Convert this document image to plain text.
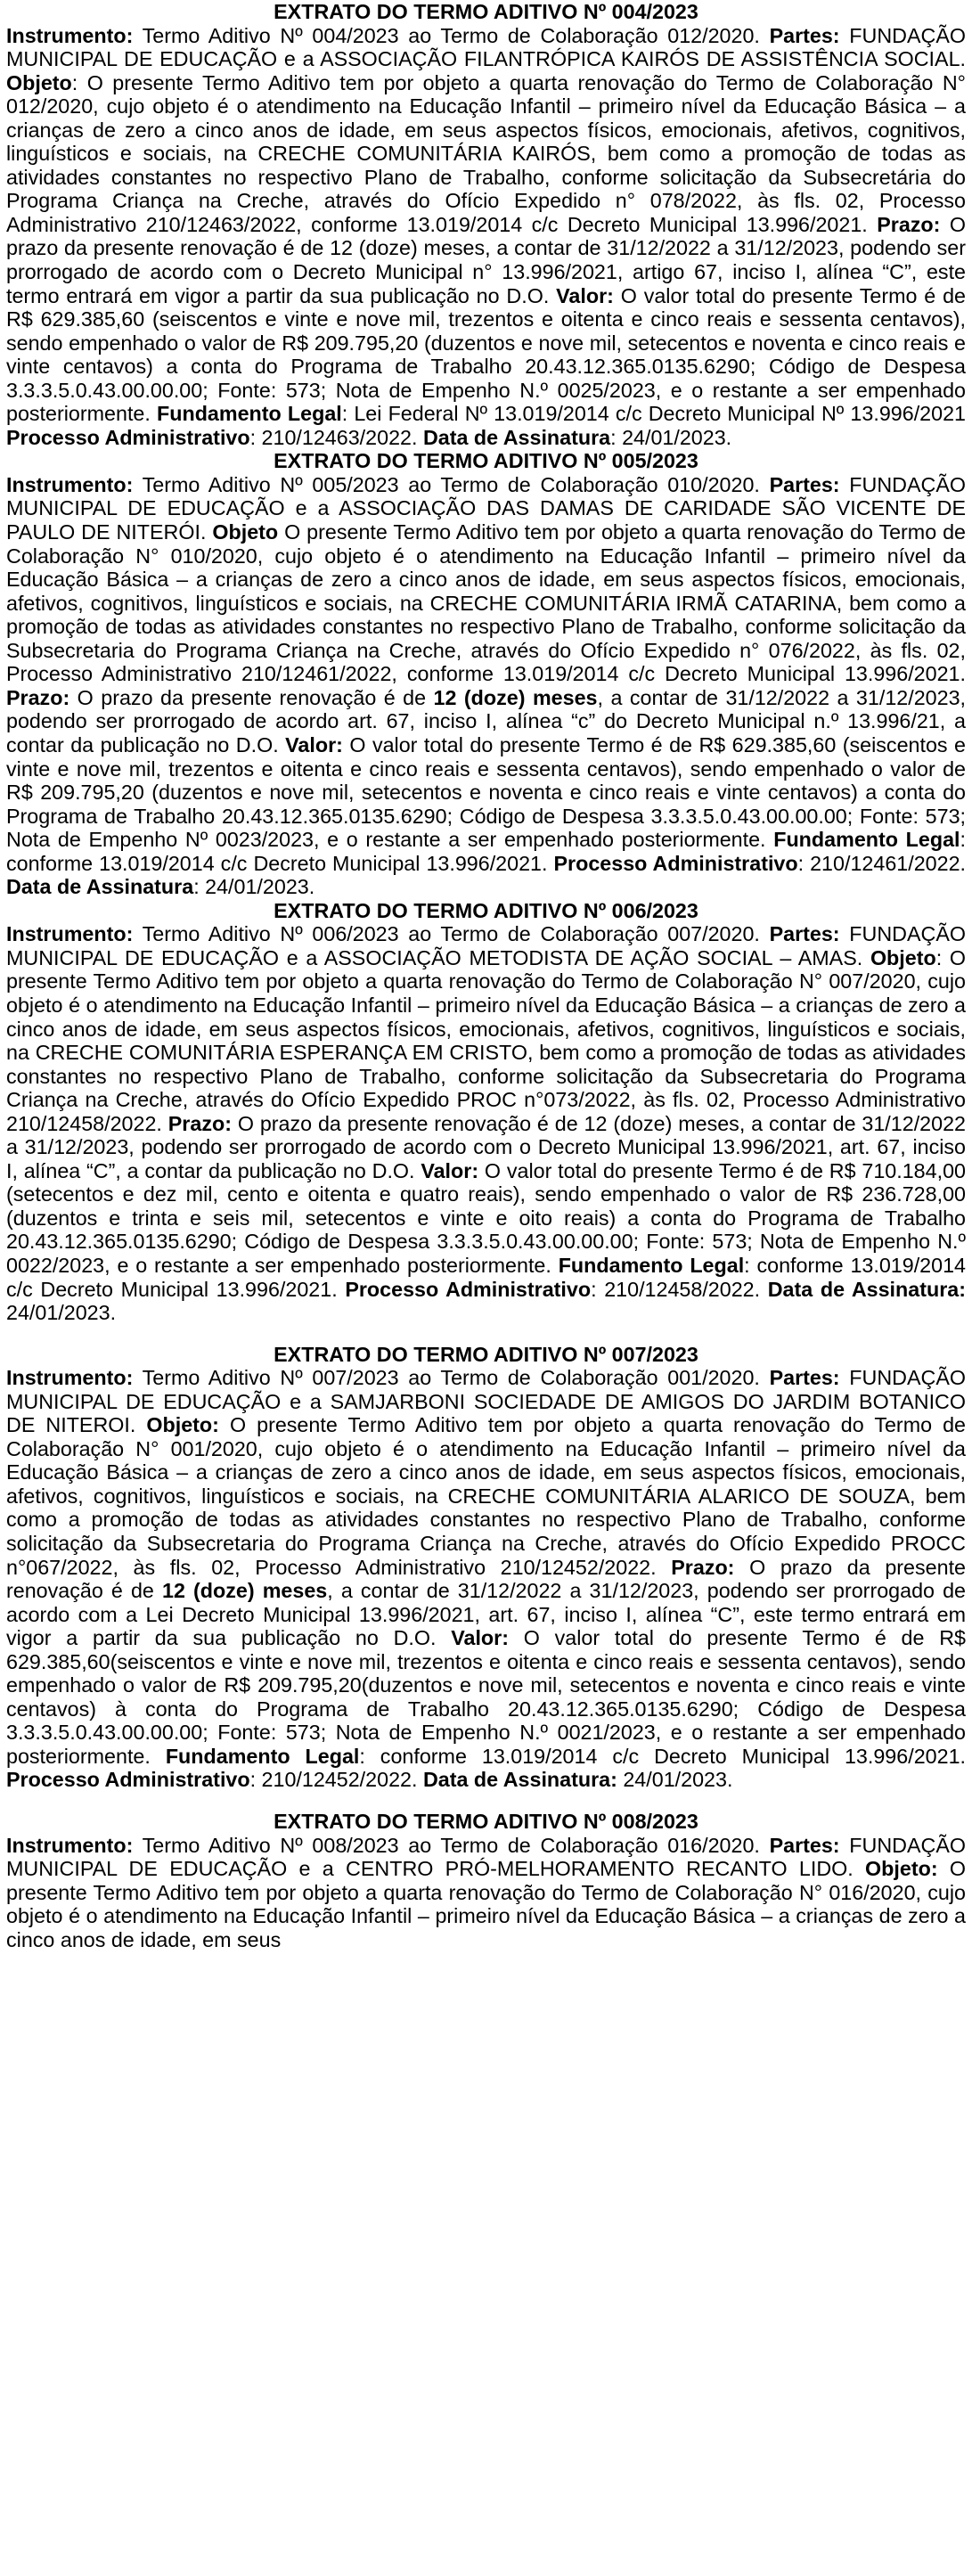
EXTRATO DO TERMO ADITIVO Nº 004/2023

Instrumento: Termo Aditivo Nº 004/2023 ao Termo de Colaboração 012/2020. Partes: FUNDAÇÃO MUNICIPAL DE EDUCAÇÃO e a ASSOCIAÇÃO FILANTRÓPICA KAIRÓS DE ASSISTÊNCIA SOCIAL. Objeto: O presente Termo Aditivo tem por objeto a quarta renovação do Termo de Colaboração N° 012/2020, cujo objeto é o atendimento na Educação Infantil – primeiro nível da Educação Básica – a crianças de zero a cinco anos de idade, em seus aspectos físicos, emocionais, afetivos, cognitivos, linguísticos e sociais, na CRECHE COMUNITÁRIA KAIRÓS, bem como a promoção de todas as atividades constantes no respectivo Plano de Trabalho, conforme solicitação da Subsecretária do Programa Criança na Creche, através do Ofício Expedido n° 078/2022, às fls. 02, Processo Administrativo 210/12463/2022, conforme 13.019/2014 c/c Decreto Municipal 13.996/2021. Prazo: O prazo da presente renovação é de 12 (doze) meses, a contar de 31/12/2022 a 31/12/2023, podendo ser prorrogado de acordo com o Decreto Municipal n° 13.996/2021, artigo 67, inciso I, alínea “C”, este termo entrará em vigor a partir da sua publicação no D.O. Valor: O valor total do presente Termo é de R$ 629.385,60 (seiscentos e vinte e nove mil, trezentos e oitenta e cinco reais e sessenta centavos), sendo empenhado o valor de R$ 209.795,20 (duzentos e nove mil, setecentos e noventa e cinco reais e vinte centavos) a conta do Programa de Trabalho 20.43.12.365.0135.6290; Código de Despesa 3.3.3.5.0.43.00.00.00; Fonte: 573; Nota de Empenho N.º 0025/2023, e o restante a ser empenhado posteriormente. Fundamento Legal: Lei Federal Nº 13.019/2014 c/c Decreto Municipal Nº 13.996/2021 Processo Administrativo: 210/12463/2022. Data de Assinatura: 24/01/2023.

EXTRATO DO TERMO ADITIVO Nº 005/2023

Instrumento: Termo Aditivo Nº 005/2023 ao Termo de Colaboração 010/2020. Partes: FUNDAÇÃO MUNICIPAL DE EDUCAÇÃO e a ASSOCIAÇÃO DAS DAMAS DE CARIDADE SÃO VICENTE DE PAULO DE NITERÓI. Objeto O presente Termo Aditivo tem por objeto a quarta renovação do Termo de Colaboração N° 010/2020, cujo objeto é o atendimento na Educação Infantil – primeiro nível da Educação Básica – a crianças de zero a cinco anos de idade, em seus aspectos físicos, emocionais, afetivos, cognitivos, linguísticos e sociais, na CRECHE COMUNITÁRIA IRMÃ CATARINA, bem como a promoção de todas as atividades constantes no respectivo Plano de Trabalho, conforme solicitação da Subsecretaria do Programa Criança na Creche, através do Ofício Expedido n° 076/2022, às fls. 02, Processo Administrativo 210/12461/2022, conforme 13.019/2014 c/c Decreto Municipal 13.996/2021. Prazo: O prazo da presente renovação é de 12 (doze) meses, a contar de 31/12/2022 a 31/12/2023, podendo ser prorrogado de acordo art. 67, inciso I, alínea “c” do Decreto Municipal n.º 13.996/21, a contar da publicação no D.O. Valor: O valor total do presente Termo é de R$ 629.385,60 (seiscentos e vinte e nove mil, trezentos e oitenta e cinco reais e sessenta centavos), sendo empenhado o valor de R$ 209.795,20 (duzentos e nove mil, setecentos e noventa e cinco reais e vinte centavos) a conta do Programa de Trabalho 20.43.12.365.0135.6290; Código de Despesa 3.3.3.5.0.43.00.00.00; Fonte: 573; Nota de Empenho Nº 0023/2023, e o restante a ser empenhado posteriormente. Fundamento Legal: conforme 13.019/2014 c/c Decreto Municipal 13.996/2021. Processo Administrativo: 210/12461/2022. Data de Assinatura: 24/01/2023.

EXTRATO DO TERMO ADITIVO Nº 006/2023

Instrumento: Termo Aditivo Nº 006/2023 ao Termo de Colaboração 007/2020. Partes: FUNDAÇÃO MUNICIPAL DE EDUCAÇÃO e a ASSOCIAÇÃO METODISTA DE AÇÃO SOCIAL – AMAS. Objeto: O presente Termo Aditivo tem por objeto a quarta renovação do Termo de Colaboração N° 007/2020, cujo objeto é o atendimento na Educação Infantil – primeiro nível da Educação Básica – a crianças de zero a cinco anos de idade, em seus aspectos físicos, emocionais, afetivos, cognitivos, linguísticos e sociais, na CRECHE COMUNITÁRIA ESPERANÇA EM CRISTO, bem como a promoção de todas as atividades constantes no respectivo Plano de Trabalho, conforme solicitação da Subsecretaria do Programa Criança na Creche, através do Ofício Expedido PROC n°073/2022, às fls. 02, Processo Administrativo 210/12458/2022. Prazo: O prazo da presente renovação é de 12 (doze) meses, a contar de 31/12/2022 a 31/12/2023, podendo ser prorrogado de acordo com o Decreto Municipal 13.996/2021, art. 67, inciso I, alínea “C”, a contar da publicação no D.O. Valor: O valor total do presente Termo é de R$ 710.184,00 (setecentos e dez mil, cento e oitenta e quatro reais), sendo empenhado o valor de R$ 236.728,00 (duzentos e trinta e seis mil, setecentos e vinte e oito reais) a conta do Programa de Trabalho 20.43.12.365.0135.6290; Código de Despesa 3.3.3.5.0.43.00.00.00; Fonte: 573; Nota de Empenho N.º 0022/2023, e o restante a ser empenhado posteriormente. Fundamento Legal: conforme 13.019/2014 c/c Decreto Municipal 13.996/2021. Processo Administrativo: 210/12458/2022. Data de Assinatura: 24/01/2023.

EXTRATO DO TERMO ADITIVO Nº 007/2023

Instrumento: Termo Aditivo Nº 007/2023 ao Termo de Colaboração 001/2020. Partes: FUNDAÇÃO MUNICIPAL DE EDUCAÇÃO e a SAMJARBONI SOCIEDADE DE AMIGOS DO JARDIM BOTANICO DE NITEROI. Objeto: O presente Termo Aditivo tem por objeto a quarta renovação do Termo de Colaboração N° 001/2020, cujo objeto é o atendimento na Educação Infantil – primeiro nível da Educação Básica – a crianças de zero a cinco anos de idade, em seus aspectos físicos, emocionais, afetivos, cognitivos, linguísticos e sociais, na CRECHE COMUNITÁRIA ALARICO DE SOUZA, bem como a promoção de todas as atividades constantes no respectivo Plano de Trabalho, conforme solicitação da Subsecretaria do Programa Criança na Creche, através do Ofício Expedido PROCC n°067/2022, às fls. 02, Processo Administrativo 210/12452/2022. Prazo: O prazo da presente renovação é de 12 (doze) meses, a contar de 31/12/2022 a 31/12/2023, podendo ser prorrogado de acordo com a Lei Decreto Municipal 13.996/2021, art. 67, inciso I, alínea “C”, este termo entrará em vigor a partir da sua publicação no D.O. Valor: O valor total do presente Termo é de R$ 629.385,60(seiscentos e vinte e nove mil, trezentos e oitenta e cinco reais e sessenta centavos), sendo empenhado o valor de R$ 209.795,20(duzentos e nove mil, setecentos e noventa e cinco reais e vinte centavos) à conta do Programa de Trabalho 20.43.12.365.0135.6290; Código de Despesa 3.3.3.5.0.43.00.00.00; Fonte: 573; Nota de Empenho N.º 0021/2023, e o restante a ser empenhado posteriormente. Fundamento Legal: conforme 13.019/2014 c/c Decreto Municipal 13.996/2021. Processo Administrativo: 210/12452/2022. Data de Assinatura: 24/01/2023.

EXTRATO DO TERMO ADITIVO Nº 008/2023

Instrumento: Termo Aditivo Nº 008/2023 ao Termo de Colaboração 016/2020. Partes: FUNDAÇÃO MUNICIPAL DE EDUCAÇÃO e a CENTRO PRÓ-MELHORAMENTO RECANTO LIDO. Objeto: O presente Termo Aditivo tem por objeto a quarta renovação do Termo de Colaboração N° 016/2020, cujo objeto é o atendimento na Educação Infantil – primeiro nível da Educação Básica – a crianças de zero a cinco anos de idade, em seus
